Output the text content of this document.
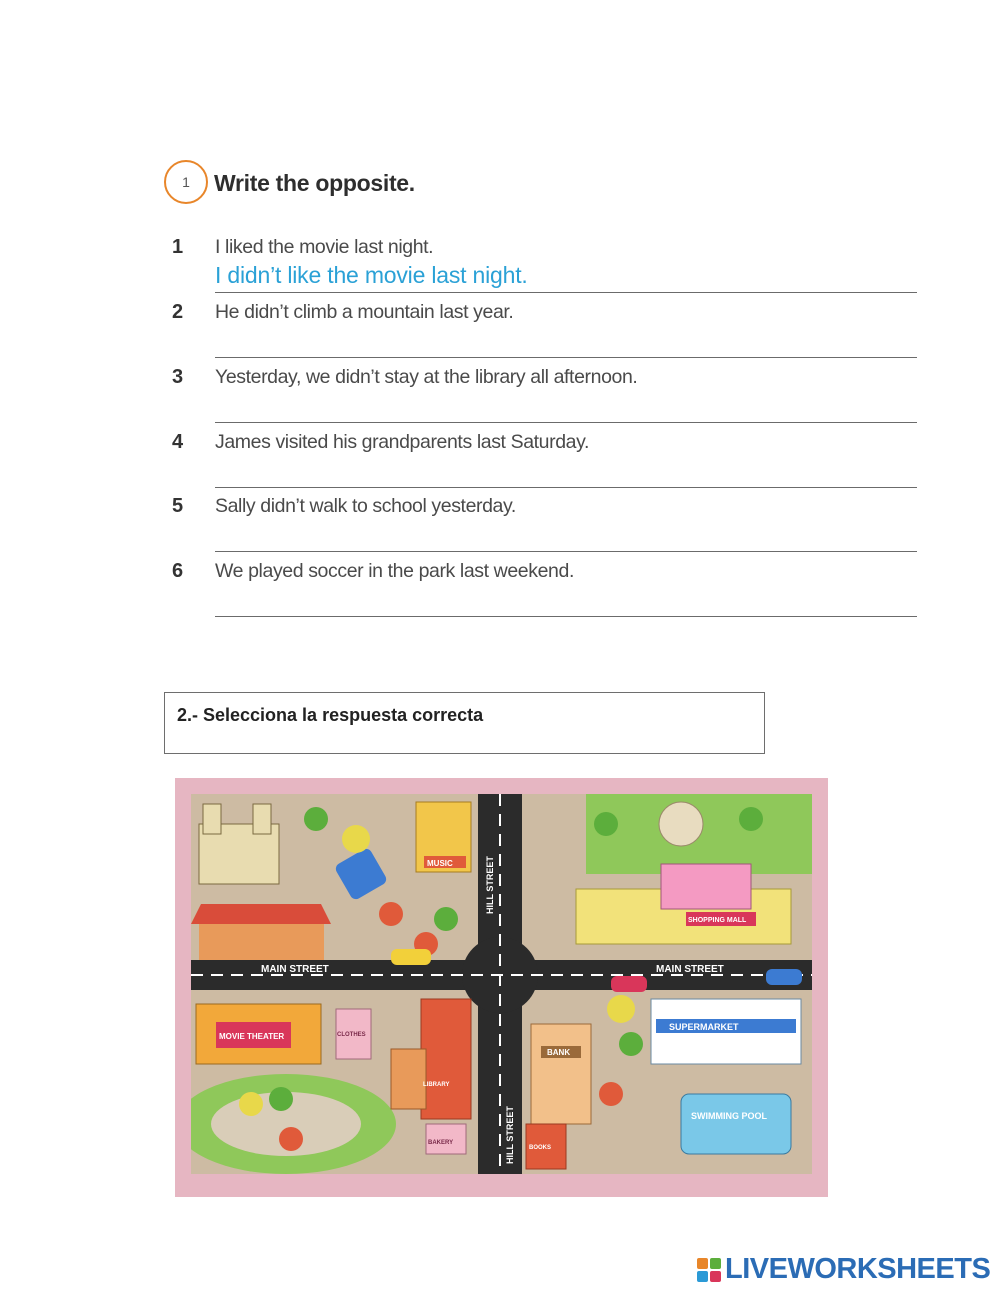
1 Write the opposite.
1 I liked the movie last night.
I didn’t like the movie last night.
2 He didn’t climb a mountain last year.
3 Yesterday, we didn’t stay at the library all afternoon.
4 James visited his grandparents last Saturday.
5 Sally didn’t walk to school yesterday.
6 We played soccer in the park last weekend.
2.- Selecciona la respuesta correcta
MAIN STREET	MAIN STREET
HILL STREET
HILL STREET
MUSIC
SHOPPING MALL
MOVIE THEATER	CLOTHES
LIBRARY
BAKERY
BANK
BOOKS
SUPERMARKET
SWIMMING POOL
LIVEWORKSHEETS
